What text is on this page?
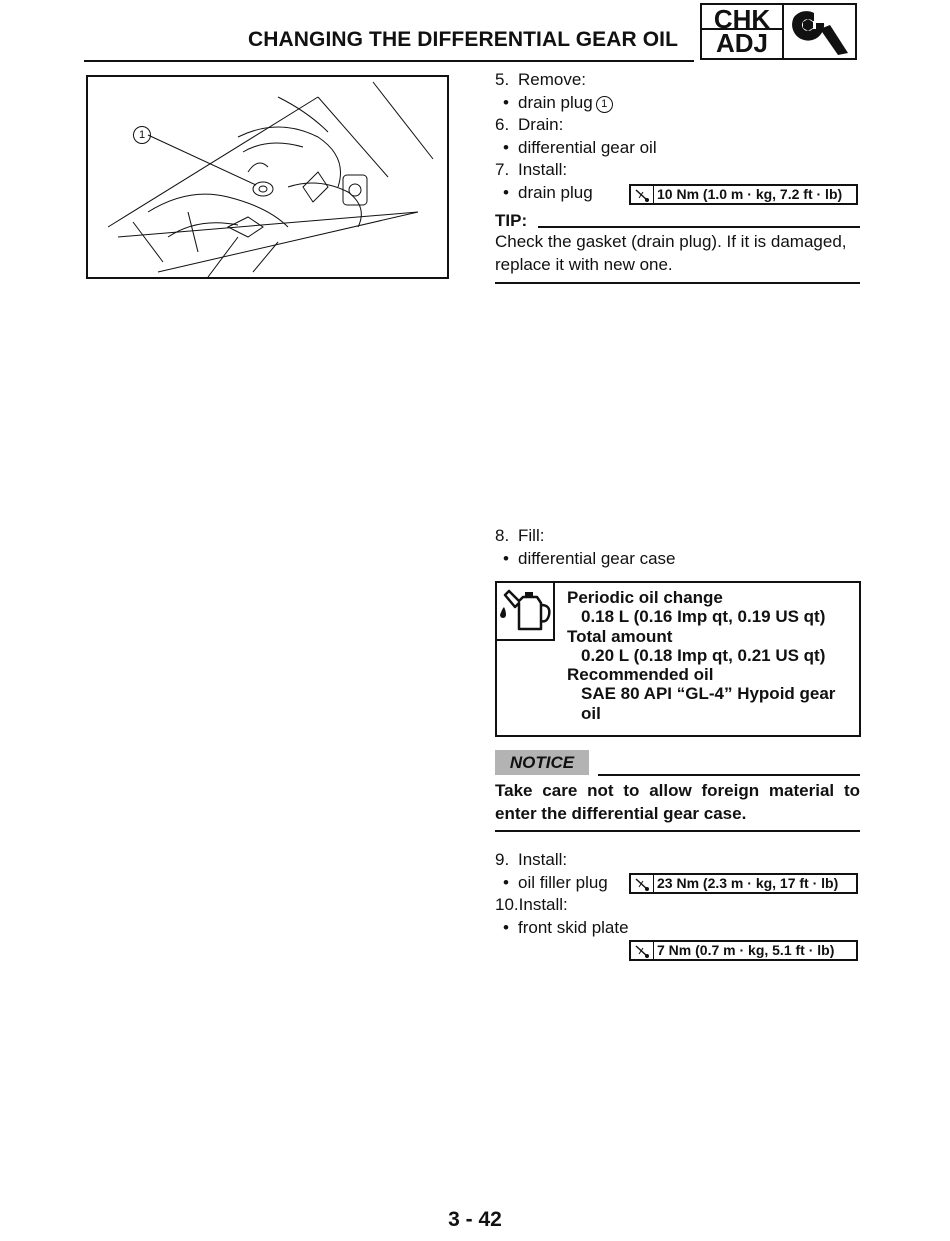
CHANGING THE DIFFERENTIAL GEAR OIL
CHK
ADJ
1
5. Remove:
• drain plug 1
6. Drain:
• differential gear oil
7. Install:
• drain plug	10 Nm (1.0 m · kg, 7.2 ft · lb)
TIP:
Check the gasket (drain plug). If it is damaged, replace it with new one.
8. Fill:
• differential gear case
Periodic oil change
0.18 L (0.16 Imp qt, 0.19 US qt)
Total amount
0.20 L (0.18 Imp qt, 0.21 US qt)
Recommended oil
SAE 80 API “GL-4” Hypoid gear
oil
NOTICE
Take care not to allow foreign material to enter the differential gear case.
9. Install:
• oil filler plug
10.Install:
• front skid plate
23 Nm (2.3 m · kg, 17 ft · lb)
7 Nm (0.7 m · kg, 5.1 ft · lb)
3 - 42
